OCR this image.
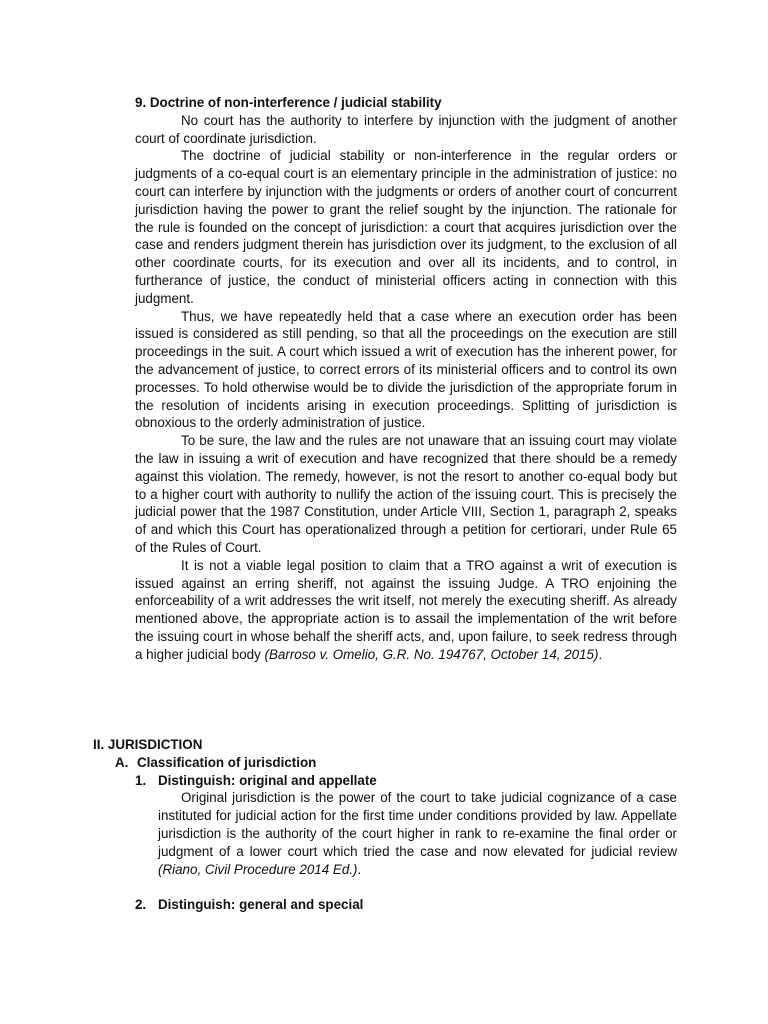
9. Doctrine of non-interference / judicial stability

No court has the authority to interfere by injunction with the judgment of another court of coordinate jurisdiction.

The doctrine of judicial stability or non-interference in the regular orders or judgments of a co-equal court is an elementary principle in the administration of justice: no court can interfere by injunction with the judgments or orders of another court of concurrent jurisdiction having the power to grant the relief sought by the injunction. The rationale for the rule is founded on the concept of jurisdiction: a court that acquires jurisdiction over the case and renders judgment therein has jurisdiction over its judgment, to the exclusion of all other coordinate courts, for its execution and over all its incidents, and to control, in furtherance of justice, the conduct of ministerial officers acting in connection with this judgment.

Thus, we have repeatedly held that a case where an execution order has been issued is considered as still pending, so that all the proceedings on the execution are still proceedings in the suit. A court which issued a writ of execution has the inherent power, for the advancement of justice, to correct errors of its ministerial officers and to control its own processes. To hold otherwise would be to divide the jurisdiction of the appropriate forum in the resolution of incidents arising in execution proceedings. Splitting of jurisdiction is obnoxious to the orderly administration of justice.

To be sure, the law and the rules are not unaware that an issuing court may violate the law in issuing a writ of execution and have recognized that there should be a remedy against this violation. The remedy, however, is not the resort to another co-equal body but to a higher court with authority to nullify the action of the issuing court. This is precisely the judicial power that the 1987 Constitution, under Article VIII, Section 1, paragraph 2, speaks of and which this Court has operationalized through a petition for certiorari, under Rule 65 of the Rules of Court.

It is not a viable legal position to claim that a TRO against a writ of execution is issued against an erring sheriff, not against the issuing Judge. A TRO enjoining the enforceability of a writ addresses the writ itself, not merely the executing sheriff. As already mentioned above, the appropriate action is to assail the implementation of the writ before the issuing court in whose behalf the sheriff acts, and, upon failure, to seek redress through a higher judicial body (Barroso v. Omelio, G.R. No. 194767, October 14, 2015).

II. JURISDICTION

A. Classification of jurisdiction

1. Distinguish: original and appellate

Original jurisdiction is the power of the court to take judicial cognizance of a case instituted for judicial action for the first time under conditions provided by law. Appellate jurisdiction is the authority of the court higher in rank to re-examine the final order or judgment of a lower court which tried the case and now elevated for judicial review (Riano, Civil Procedure 2014 Ed.).

2. Distinguish: general and special
